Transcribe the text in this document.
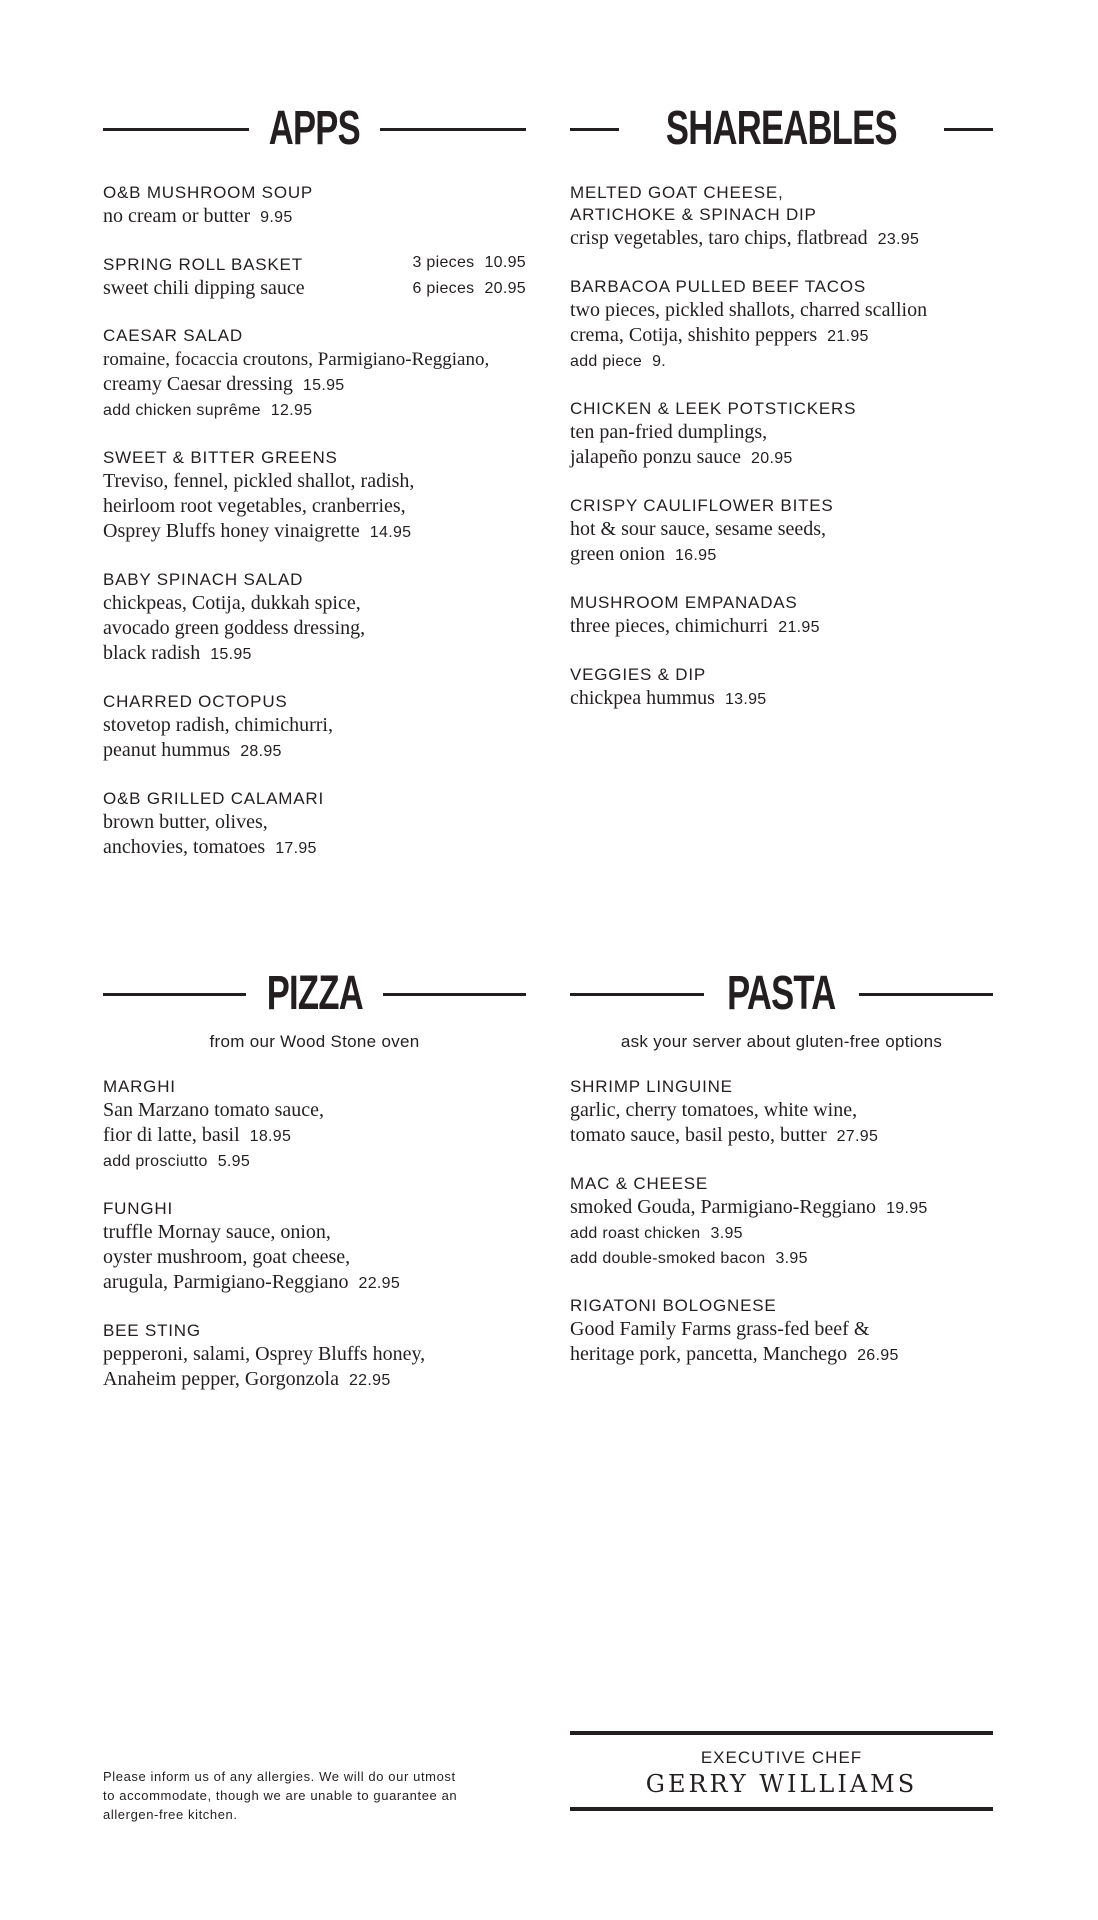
APPS
O&B MUSHROOM SOUP
no cream or butter 9.95
SPRING ROLL BASKET	3 pieces 10.95
sweet chili dipping sauce	6 pieces 20.95
CAESAR SALAD
romaine, focaccia croutons, Parmigiano-Reggiano,
creamy Caesar dressing 15.95
add chicken suprême 12.95
SWEET & BITTER GREENS
Treviso, fennel, pickled shallot, radish,
heirloom root vegetables, cranberries,
Osprey Bluffs honey vinaigrette 14.95
BABY SPINACH SALAD
chickpeas, Cotija, dukkah spice,
avocado green goddess dressing,
black radish 15.95
CHARRED OCTOPUS
stovetop radish, chimichurri,
peanut hummus 28.95
O&B GRILLED CALAMARI
brown butter, olives,
anchovies, tomatoes 17.95
SHAREABLES
MELTED GOAT CHEESE,
ARTICHOKE & SPINACH DIP
crisp vegetables, taro chips, flatbread 23.95
BARBACOA PULLED BEEF TACOS
two pieces, pickled shallots, charred scallion
crema, Cotija, shishito peppers 21.95
add piece 9.
CHICKEN & LEEK POTSTICKERS
ten pan-fried dumplings,
jalapeño ponzu sauce 20.95
CRISPY CAULIFLOWER BITES
hot & sour sauce, sesame seeds,
green onion 16.95
MUSHROOM EMPANADAS
three pieces, chimichurri 21.95
VEGGIES & DIP
chickpea hummus 13.95
PIZZA
from our Wood Stone oven
MARGHI
San Marzano tomato sauce,
fior di latte, basil 18.95
add prosciutto 5.95
FUNGHI
truffle Mornay sauce, onion,
oyster mushroom, goat cheese,
arugula, Parmigiano-Reggiano 22.95
BEE STING
pepperoni, salami, Osprey Bluffs honey,
Anaheim pepper, Gorgonzola 22.95
PASTA
ask your server about gluten-free options
SHRIMP LINGUINE
garlic, cherry tomatoes, white wine,
tomato sauce, basil pesto, butter 27.95
MAC & CHEESE
smoked Gouda, Parmigiano-Reggiano 19.95
add roast chicken 3.95
add double-smoked bacon 3.95
RIGATONI BOLOGNESE
Good Family Farms grass-fed beef &
heritage pork, pancetta, Manchego 26.95
Please inform us of any allergies. We will do our utmost
to accommodate, though we are unable to guarantee an
allergen-free kitchen.
EXECUTIVE CHEF
GERRY WILLIAMS
